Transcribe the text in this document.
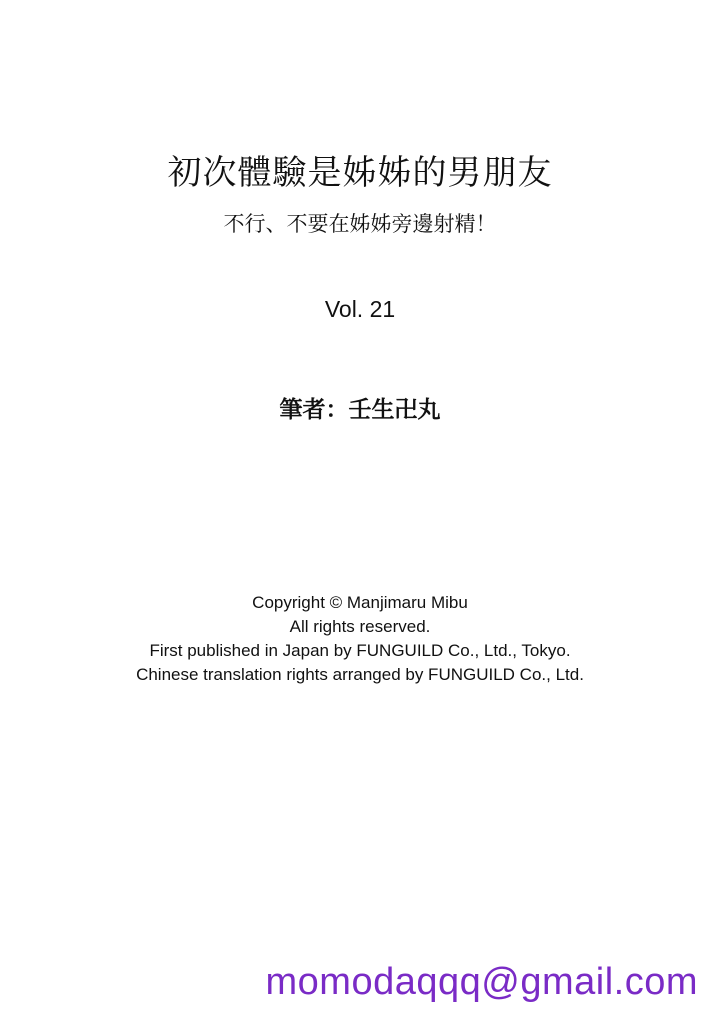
初次體驗是姊姊的男朋友
不行、不要在姊姊旁邊射精！
Vol. 21
筆者：壬生卍丸
Copyright © Manjimaru Mibu
All rights reserved.
First published in Japan by FUNGUILD Co., Ltd., Tokyo.
Chinese translation rights arranged by FUNGUILD Co., Ltd.
momodaqqq@gmail.com
